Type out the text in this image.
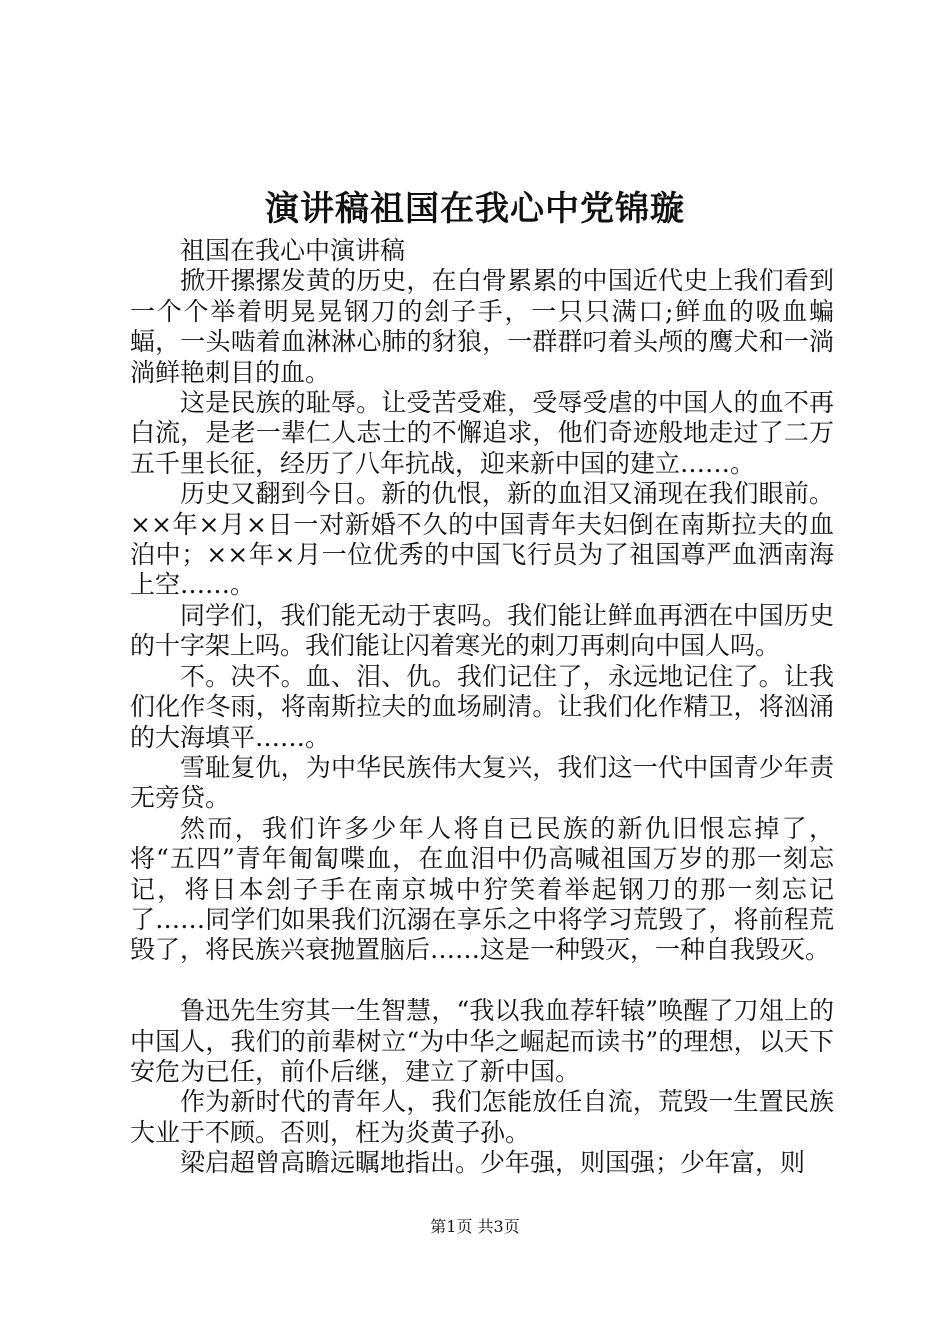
演讲稿祖国在我心中党锦璇

祖国在我心中演讲稿

掀开摞摞发黄的历史，在白骨累累的中国近代史上我们看到一个个举着明晃晃钢刀的刽子手，一只只满口;鲜血的吸血蝙蝠，一头啮着血淋淋心肺的豺狼，一群群叼着头颅的鹰犬和一淌淌鲜艳刺目的血。

这是民族的耻辱。让受苦受难，受辱受虐的中国人的血不再白流，是老一辈仁人志士的不懈追求，他们奇迹般地走过了二万五千里长征，经历了八年抗战，迎来新中国的建立……。

历史又翻到今日。新的仇恨，新的血泪又涌现在我们眼前。××年×月×日一对新婚不久的中国青年夫妇倒在南斯拉夫的血泊中；××年×月一位优秀的中国飞行员为了祖国尊严血洒南海上空……。

同学们，我们能无动于衷吗。我们能让鲜血再洒在中国历史的十字架上吗。我们能让闪着寒光的刺刀再刺向中国人吗。

不。决不。血、泪、仇。我们记住了，永远地记住了。让我们化作冬雨，将南斯拉夫的血场刷清。让我们化作精卫，将汹涌的大海填平……。

雪耻复仇，为中华民族伟大复兴，我们这一代中国青少年责无旁贷。

然而，我们许多少年人将自已民族的新仇旧恨忘掉了，将“五四”青年匍匐喋血，在血泪中仍高喊祖国万岁的那一刻忘记，将日本刽子手在南京城中狞笑着举起钢刀的那一刻忘记了……同学们如果我们沉溺在享乐之中将学习荒毁了，将前程荒毁了，将民族兴衰抛置脑后……这是一种毁灭，一种自我毁灭。

鲁迅先生穷其一生智慧，“我以我血荐轩辕”唤醒了刀俎上的中国人，我们的前辈树立“为中华之崛起而读书”的理想，以天下安危为已任，前仆后继，建立了新中国。

作为新时代的青年人，我们怎能放任自流，荒毁一生置民族大业于不顾。否则，枉为炎黄子孙。

梁启超曾高瞻远瞩地指出。少年强，则国强；少年富，则

第1页 共3页
